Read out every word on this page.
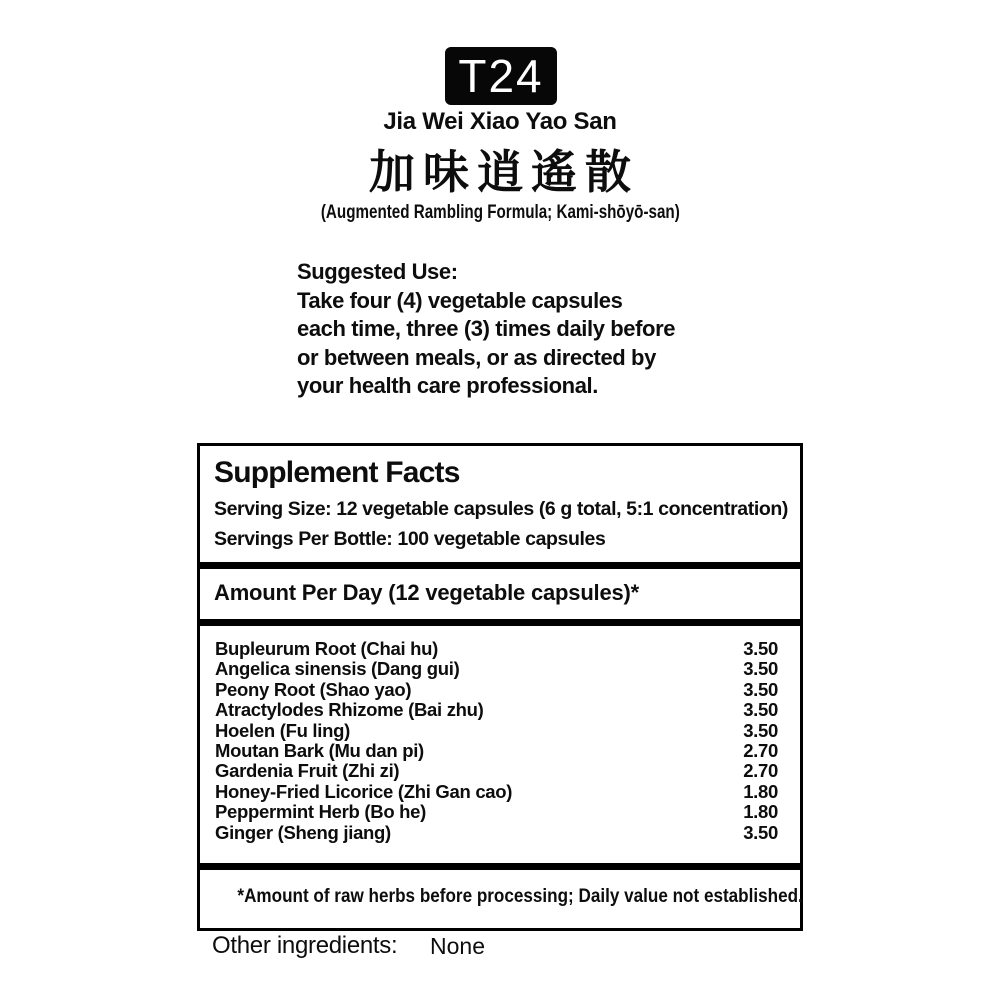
T24
Jia Wei Xiao Yao San
加味逍遙散
(Augmented Rambling Formula; Kami-shōyō-san)
Suggested Use:
Take four (4) vegetable capsules
each time, three (3) times daily before
or between meals, or as directed by
your health care professional.
Supplement Facts
Serving Size: 12 vegetable capsules (6 g total, 5:1 concentration)
Servings Per Bottle: 100 vegetable capsules
Amount Per Day (12 vegetable capsules)*
Bupleurum Root (Chai hu)	3.50
Angelica sinensis (Dang gui)	3.50
Peony Root (Shao yao)	3.50
Atractylodes Rhizome (Bai zhu)	3.50
Hoelen (Fu ling)	3.50
Moutan Bark (Mu dan pi)	2.70
Gardenia Fruit (Zhi zi)	2.70
Honey-Fried Licorice (Zhi Gan cao)	1.80
Peppermint Herb (Bo he)	1.80
Ginger (Sheng jiang)	3.50
*Amount of raw herbs before processing; Daily value not established.
Other ingredients: None
